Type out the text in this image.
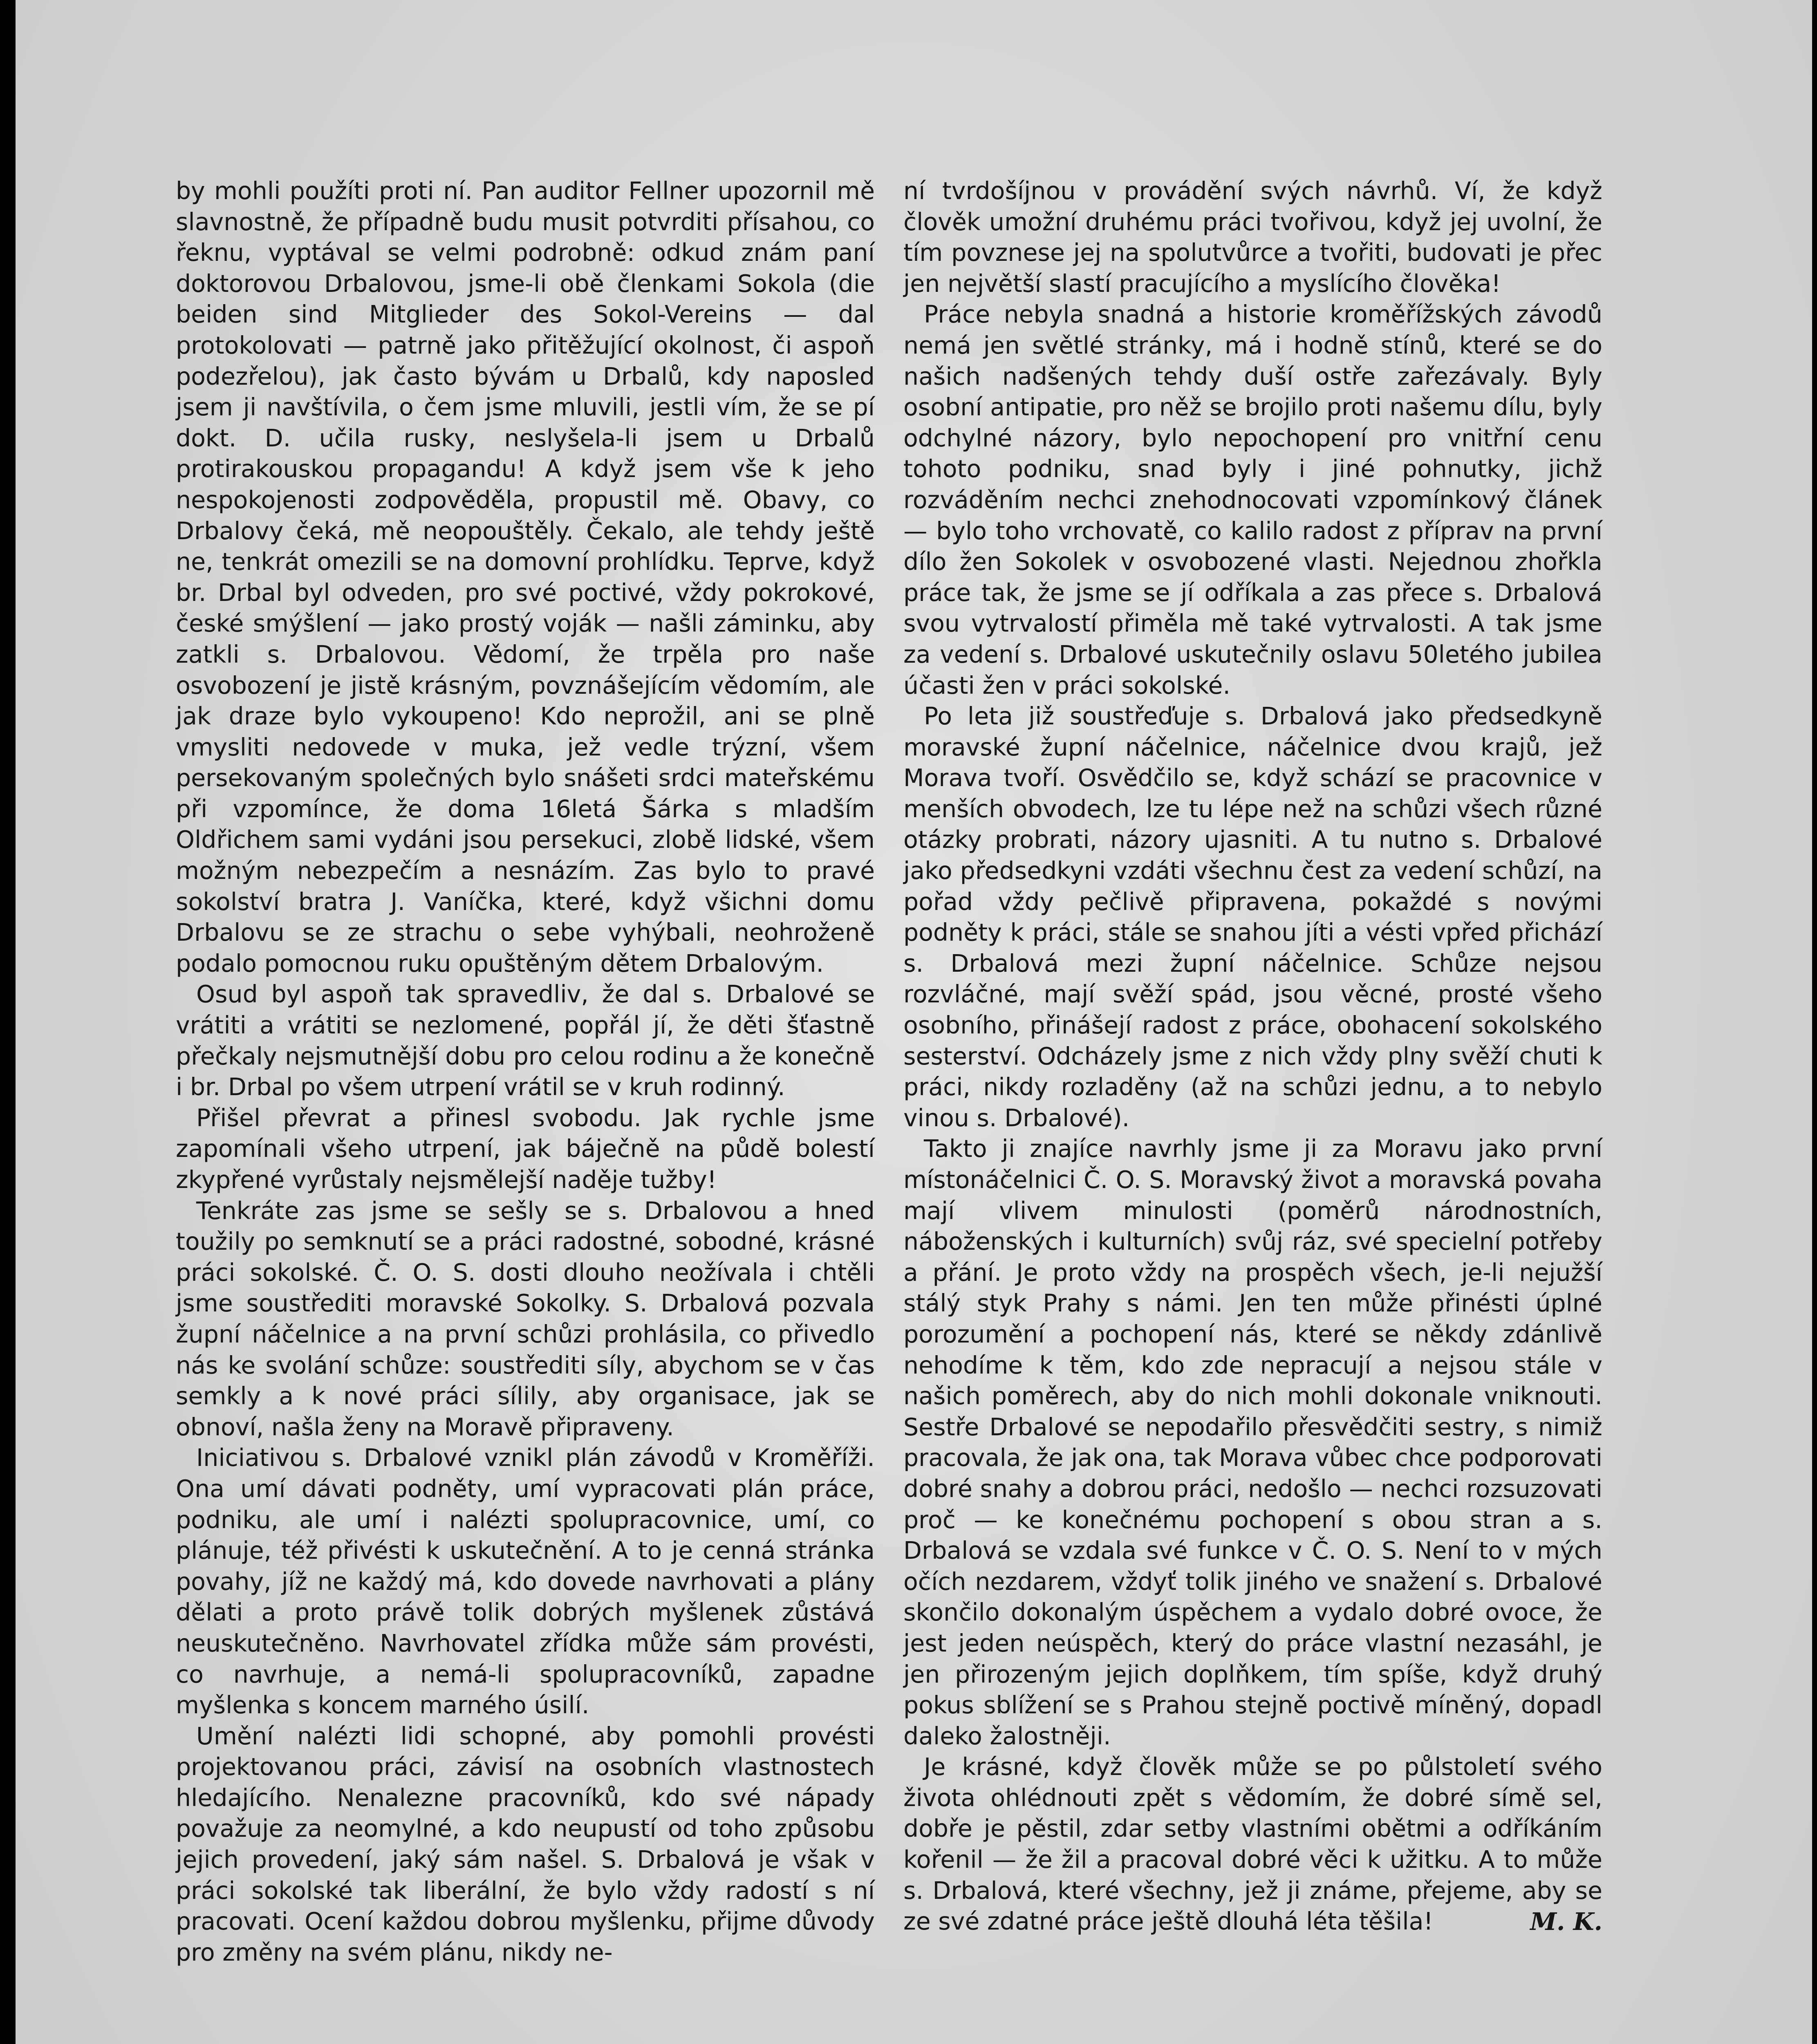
by mohli použíti proti ní. Pan auditor Fellner upozornil mě slavnostně, že případně budu musit potvrditi přísahou, co řeknu, vyptával se velmi podrobně: odkud znám paní doktorovou Drbalovou, jsme-li obě členkami Sokola (die beiden sind Mitglieder des Sokol-Vereins — dal protokolovati — patrně jako přitěžující okolnost, či aspoň podezřelou), jak často bývám u Drbalů, kdy naposled jsem ji navštívila, o čem jsme mluvili, jestli vím, že se pí dokt. D. učila rusky, neslyšela-li jsem u Drbalů protirakouskou propagandu! A když jsem vše k jeho nespokojenosti zodpověděla, propustil mě. Obavy, co Drbalovy čeká, mě neopouštěly. Čekalo, ale tehdy ještě ne, tenkrát omezili se na domovní prohlídku. Teprve, když br. Drbal byl odveden, pro své poctivé, vždy pokrokové, české smýšlení — jako prostý voják — našli záminku, aby zatkli s. Drbalovou. Vědomí, že trpěla pro naše osvobození je jistě krásným, povznášejícím vědomím, ale jak draze bylo vykoupeno! Kdo neprožil, ani se plně vmysliti nedovede v muka, jež vedle trýzní, všem persekovaným společných bylo snášeti srdci mateřskému při vzpomínce, že doma 16letá Šárka s mladším Oldřichem sami vydáni jsou persekuci, zlobě lidské, všem možným nebezpečím a nesnázím. Zas bylo to pravé sokolství bratra J. Vaníčka, které, když všichni domu Drbalovu se ze strachu o sebe vyhýbali, neohroženě podalo pomocnou ruku opuštěným dětem Drbalovým.

Osud byl aspoň tak spravedliv, že dal s. Drbalové se vrátiti a vrátiti se nezlomené, popřál jí, že děti šťastně přečkaly nejsmutnější dobu pro celou rodinu a že konečně i br. Drbal po všem utrpení vrátil se v kruh rodinný.

Přišel převrat a přinesl svobodu. Jak rychle jsme zapomínali všeho utrpení, jak báječně na půdě bolestí zkypřené vyrůstaly nejsmělejší naděje tužby!

Tenkráte zas jsme se sešly se s. Drbalovou a hned toužily po semknutí se a práci radostné, sobodné, krásné práci sokolské. Č. O. S. dosti dlouho neožívala i chtěli jsme soustřediti moravské Sokolky. S. Drbalová pozvala župní náčelnice a na první schůzi prohlásila, co přivedlo nás ke svolání schůze: soustřediti síly, abychom se v čas semkly a k nové práci sílily, aby organisace, jak se obnoví, našla ženy na Moravě připraveny.

Iniciativou s. Drbalové vznikl plán závodů v Kroměříži. Ona umí dávati podněty, umí vypracovati plán práce, podniku, ale umí i nalézti spolupracovnice, umí, co plánuje, též přivésti k uskutečnění. A to je cenná stránka povahy, jíž ne každý má, kdo dovede navrhovati a plány dělati a proto právě tolik dobrých myšlenek zůstává neuskutečněno. Navrhovatel zřídka může sám provésti, co navrhuje, a nemá-li spolupracovníků, zapadne myšlenka s koncem marného úsilí.

Umění nalézti lidi schopné, aby pomohli provésti projektovanou práci, závisí na osobních vlastnostech hledajícího. Nenalezne pracovníků, kdo své nápady považuje za neomylné, a kdo neupustí od toho způsobu jejich provedení, jaký sám našel. S. Drbalová je však v práci sokolské tak liberální, že bylo vždy radostí s ní pracovati. Ocení každou dobrou myšlenku, přijme důvody pro změny na svém plánu, nikdy ne-

ní tvrdošíjnou v provádění svých návrhů. Ví, že když člověk umožní druhému práci tvořivou, když jej uvolní, že tím povznese jej na spolutvůrce a tvořiti, budovati je přec jen největší slastí pracujícího a myslícího člověka!

Práce nebyla snadná a historie kroměřížských závodů nemá jen světlé stránky, má i hodně stínů, které se do našich nadšených tehdy duší ostře zařezávaly. Byly osobní antipatie, pro něž se brojilo proti našemu dílu, byly odchylné názory, bylo nepochopení pro vnitřní cenu tohoto podniku, snad byly i jiné pohnutky, jichž rozváděním nechci znehodnocovati vzpomínkový článek — bylo toho vrchovatě, co kalilo radost z příprav na první dílo žen Sokolek v osvobozené vlasti. Nejednou zhořkla práce tak, že jsme se jí odříkala a zas přece s. Drbalová svou vytrvalostí přiměla mě také vytrvalosti. A tak jsme za vedení s. Drbalové uskutečnily oslavu 50letého jubilea účasti žen v práci sokolské.

Po leta již soustřeďuje s. Drbalová jako předsedkyně moravské župní náčelnice, náčelnice dvou krajů, jež Morava tvoří. Osvědčilo se, když schází se pracovnice v menších obvodech, lze tu lépe než na schůzi všech různé otázky probrati, názory ujasniti. A tu nutno s. Drbalové jako předsedkyni vzdáti všechnu čest za vedení schůzí, na pořad vždy pečlivě připravena, pokaždé s novými podněty k práci, stále se snahou jíti a vésti vpřed přichází s. Drbalová mezi župní náčelnice. Schůze nejsou rozvláčné, mají svěží spád, jsou věcné, prosté všeho osobního, přinášejí radost z práce, obohacení sokolského sesterství. Odcházely jsme z nich vždy plny svěží chuti k práci, nikdy rozladěny (až na schůzi jednu, a to nebylo vinou s. Drbalové).

Takto ji znajíce navrhly jsme ji za Moravu jako první místonáčelnici Č. O. S. Moravský život a moravská povaha mají vlivem minulosti (poměrů národnostních, náboženských i kulturních) svůj ráz, své specielní potřeby a přání. Je proto vždy na prospěch všech, je-li nejužší stálý styk Prahy s námi. Jen ten může přinésti úplné porozumění a pochopení nás, které se někdy zdánlivě nehodíme k těm, kdo zde nepracují a nejsou stále v našich poměrech, aby do nich mohli dokonale vniknouti. Sestře Drbalové se nepodařilo přesvědčiti sestry, s nimiž pracovala, že jak ona, tak Morava vůbec chce podporovati dobré snahy a dobrou práci, nedošlo — nechci rozsuzovati proč — ke konečnému pochopení s obou stran a s. Drbalová se vzdala své funkce v Č. O. S. Není to v mých očích nezdarem, vždyť tolik jiného ve snažení s. Drbalové skončilo dokonalým úspěchem a vydalo dobré ovoce, že jest jeden neúspěch, který do práce vlastní nezasáhl, je jen přirozeným jejich doplňkem, tím spíše, když druhý pokus sblížení se s Prahou stejně poctivě míněný, dopadl daleko žalostněji.

Je krásné, když člověk může se po půlstoletí svého života ohlédnouti zpět s vědomím, že dobré símě sel, dobře je pěstil, zdar setby vlastními obětmi a odříkáním kořenil — že žil a pracoval dobré věci k užitku. A to může s. Drbalová, které všechny, jež ji známe, přejeme, aby se ze své zdatné práce ještě dlouhá léta těšila!	M. K.
